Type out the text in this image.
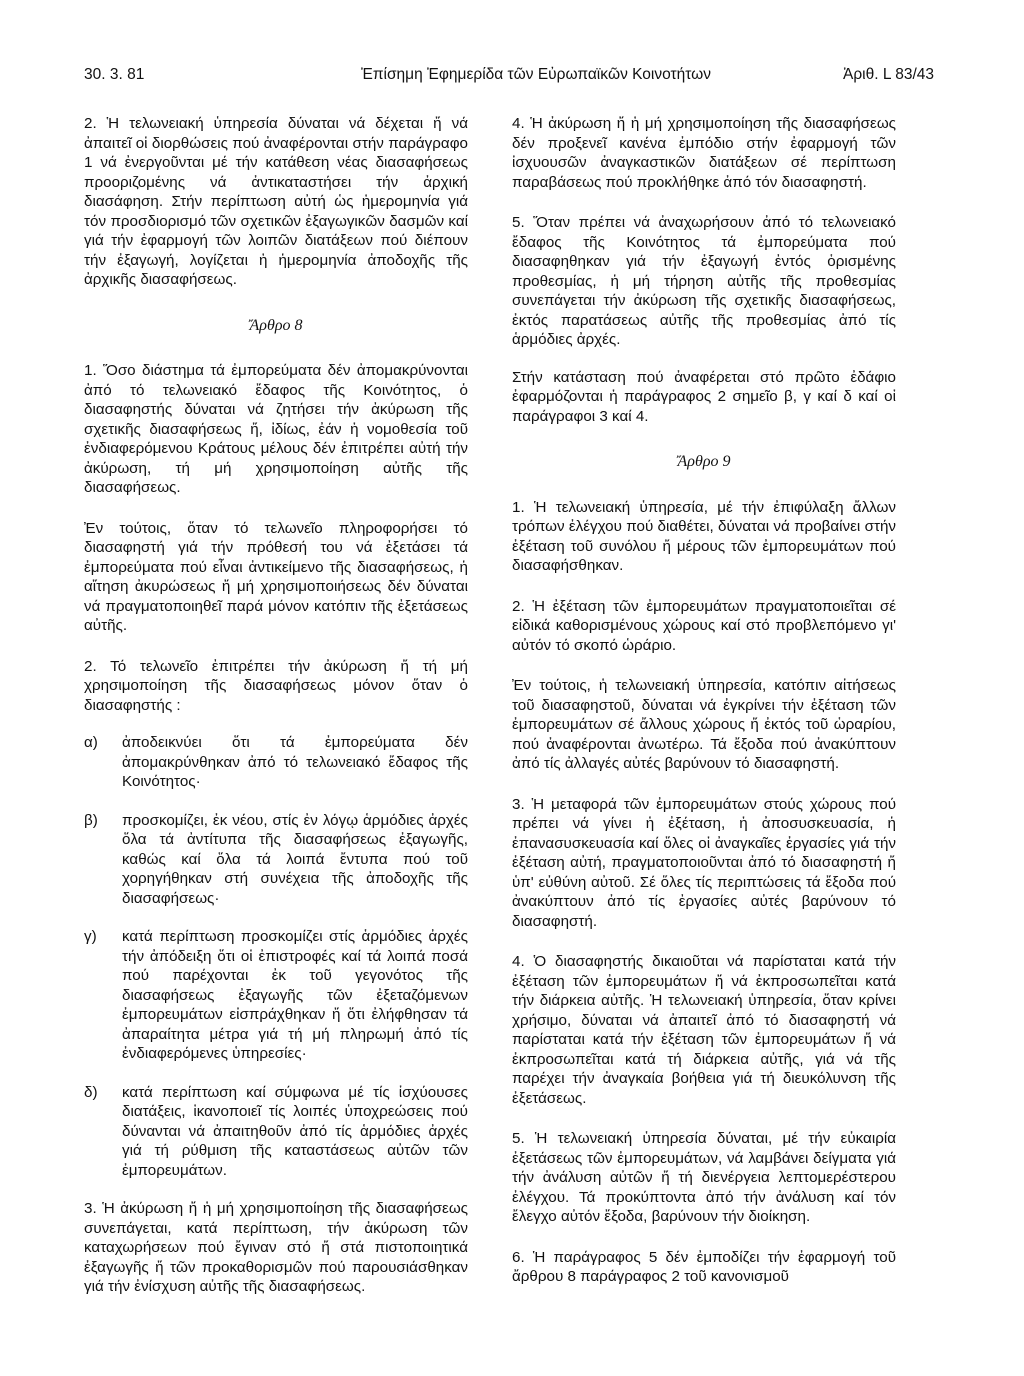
30. 3. 81	Ἐπίσημη Ἐφημερίδα τῶν Εὐρωπαϊκῶν Κοινοτήτων	Ἀριθ. L 83/43

2. Ἡ τελωνειακή ὑπηρεσία δύναται νά δέχεται ἤ νά ἀπαιτεῖ οἱ διορθώσεις πού ἀναφέρονται στήν παράγραφο 1 νά ἐνεργοῦνται μέ τήν κατάθεση νέας διασαφήσεως προοριζομένης νά ἀντικαταστήσει τήν ἀρχική διασάφηση. Στήν περίπτωση αὐτή ὡς ἡμερομηνία γιά τόν προσδιορισμό τῶν σχετικῶν ἐξαγωγικῶν δασμῶν καί γιά τήν ἐφαρμογή τῶν λοιπῶν διατάξεων πού διέπουν τήν ἐξαγωγή, λογίζεται ἡ ἡμερομηνία ἀποδοχῆς τῆς ἀρχικῆς διασαφήσεως.

Ἄρθρο 8

1. Ὅσο διάστημα τά ἐμπορεύματα δέν ἀπομακρύνονται ἀπό τό τελωνειακό ἔδαφος τῆς Κοινότητος, ὁ διασαφηστής δύναται νά ζητήσει τήν ἀκύρωση τῆς σχετικῆς διασαφήσεως ἤ, ἰδίως, ἐάν ἡ νομοθεσία τοῦ ἐνδιαφερόμενου Κράτους μέλους δέν ἐπιτρέπει αὐτή τήν ἀκύρωση, τή μή χρησιμοποίηση αὐτῆς τῆς διασαφήσεως.

Ἐν τούτοις, ὅταν τό τελωνεῖο πληροφορήσει τό διασαφηστή γιά τήν πρόθεσή του νά ἐξετάσει τά ἐμπορεύματα πού εἶναι ἀντικείμενο τῆς διασαφήσεως, ἡ αἴτηση ἀκυρώσεως ἤ μή χρησιμοποιήσεως δέν δύναται νά πραγματοποιηθεῖ παρά μόνον κατόπιν τῆς ἐξετάσεως αὐτῆς.

2. Τό τελωνεῖο ἐπιτρέπει τήν ἀκύρωση ἤ τή μή χρησιμοποίηση τῆς διασαφήσεως μόνον ὅταν ὁ διασαφηστής :

α)	ἀποδεικνύει ὅτι τά ἐμπορεύματα δέν ἀπομακρύνθηκαν ἀπό τό τελωνειακό ἔδαφος τῆς Κοινότητος·
β)	προσκομίζει, ἐκ νέου, στίς ἐν λόγῳ ἁρμόδιες ἀρχές ὅλα τά ἀντίτυπα τῆς διασαφήσεως ἐξαγωγῆς, καθώς καί ὅλα τά λοιπά ἔντυπα πού τοῦ χορηγήθηκαν στή συνέχεια τῆς ἀποδοχῆς τῆς διασαφήσεως·
γ)	κατά περίπτωση προσκομίζει στίς ἁρμόδιες ἀρχές τήν ἀπόδειξη ὅτι οἱ ἐπιστροφές καί τά λοιπά ποσά πού παρέχονται ἐκ τοῦ γεγονότος τῆς διασαφήσεως ἐξαγωγῆς τῶν ἐξεταζόμενων ἐμπορευμάτων εἰσπράχθηκαν ἤ ὅτι ἐλήφθησαν τά ἀπαραίτητα μέτρα γιά τή μή πληρωμή ἀπό τίς ἐνδιαφερόμενες ὑπηρεσίες·
δ)	κατά περίπτωση καί σύμφωνα μέ τίς ἰσχύουσες διατάξεις, ἱκανοποιεῖ τίς λοιπές ὑποχρεώσεις πού δύνανται νά ἀπαιτηθοῦν ἀπό τίς ἁρμόδιες ἀρχές γιά τή ρύθμιση τῆς καταστάσεως αὐτῶν τῶν ἐμπορευμάτων.

3. Ἡ ἀκύρωση ἤ ἡ μή χρησιμοποίηση τῆς διασαφήσεως συνεπάγεται, κατά περίπτωση, τήν ἀκύρωση τῶν καταχωρήσεων πού ἔγιναν στό ἤ στά πιστοποιητικά ἐξαγωγῆς ἤ τῶν προκαθορισμῶν πού παρουσιάσθηκαν γιά τήν ἐνίσχυση αὐτῆς τῆς διασαφήσεως.

4. Ἡ ἀκύρωση ἤ ἡ μή χρησιμοποίηση τῆς διασαφήσεως δέν προξενεῖ κανένα ἐμπόδιο στήν ἐφαρμογή τῶν ἰσχυουσῶν ἀναγκαστικῶν διατάξεων σέ περίπτωση παραβάσεως πού προκλήθηκε ἀπό τόν διασαφηστή.

5. Ὅταν πρέπει νά ἀναχωρήσουν ἀπό τό τελωνειακό ἔδαφος τῆς Κοινότητος τά ἐμπορεύματα πού διασαφηθηκαν γιά τήν ἐξαγωγή ἐντός ὁρισμένης προθεσμίας, ἡ μή τήρηση αὐτῆς τῆς προθεσμίας συνεπάγεται τήν ἀκύρωση τῆς σχετικῆς διασαφήσεως, ἐκτός παρατάσεως αὐτῆς τῆς προθεσμίας ἀπό τίς ἁρμόδιες ἀρχές.

Στήν κατάσταση πού ἀναφέρεται στό πρῶτο ἐδάφιο ἐφαρμόζονται ἡ παράγραφος 2 σημεῖο β, γ καί δ καί οἱ παράγραφοι 3 καί 4.

Ἄρθρο 9

1. Ἡ τελωνειακή ὑπηρεσία, μέ τήν ἐπιφύλαξη ἄλλων τρόπων ἐλέγχου πού διαθέτει, δύναται νά προβαίνει στήν ἐξέταση τοῦ συνόλου ἤ μέρους τῶν ἐμπορευμάτων πού διασαφήσθηκαν.

2. Ἡ ἐξέταση τῶν ἐμπορευμάτων πραγματοποιεῖται σέ εἰδικά καθορισμένους χώρους καί στό προβλεπόμενο γι' αὐτόν τό σκοπό ὡράριο.

Ἐν τούτοις, ἡ τελωνειακή ὑπηρεσία, κατόπιν αἰτήσεως τοῦ διασαφηστοῦ, δύναται νά ἐγκρίνει τήν ἐξέταση τῶν ἐμπορευμάτων σέ ἄλλους χώρους ἤ ἐκτός τοῦ ὡραρίου, πού ἀναφέρονται ἀνωτέρω. Τά ἔξοδα πού ἀνακύπτουν ἀπό τίς ἀλλαγές αὐτές βαρύνουν τό διασαφηστή.

3. Ἡ μεταφορά τῶν ἐμπορευμάτων στούς χώρους πού πρέπει νά γίνει ἡ ἐξέταση, ἡ ἀποσυσκευασία, ἡ ἐπανασυσκευασία καί ὅλες οἱ ἀναγκαῖες ἐργασίες γιά τήν ἐξέταση αὐτή, πραγματοποιοῦνται ἀπό τό διασαφηστή ἤ ὑπ' εὐθύνη αὐτοῦ. Σέ ὅλες τίς περιπτώσεις τά ἔξοδα πού ἀνακύπτουν ἀπό τίς ἐργασίες αὐτές βαρύνουν τό διασαφηστή.

4. Ὁ διασαφηστής δικαιοῦται νά παρίσταται κατά τήν ἐξέταση τῶν ἐμπορευμάτων ἤ νά ἐκπροσωπεῖται κατά τήν διάρκεια αὐτῆς. Ἡ τελωνειακή ὑπηρεσία, ὅταν κρίνει χρήσιμο, δύναται νά ἀπαιτεῖ ἀπό τό διασαφηστή νά παρίσταται κατά τήν ἐξέταση τῶν ἐμπορευμάτων ἤ νά ἐκπροσωπεῖται κατά τή διάρκεια αὐτῆς, γιά νά τῆς παρέχει τήν ἀναγκαία βοήθεια γιά τή διευκόλυνση τῆς ἐξετάσεως.

5. Ἡ τελωνειακή ὑπηρεσία δύναται, μέ τήν εὐκαιρία ἐξετάσεως τῶν ἐμπορευμάτων, νά λαμβάνει δείγματα γιά τήν ἀνάλυση αὐτῶν ἤ τή διενέργεια λεπτομερέστερου ἐλέγχου. Τά προκύπτοντα ἀπό τήν ἀνάλυση καί τόν ἔλεγχο αὐτόν ἔξοδα, βαρύνουν τήν διοίκηση.

6. Ἡ παράγραφος 5 δέν ἐμποδίζει τήν ἐφαρμογή τοῦ ἄρθρου 8 παράγραφος 2 τοῦ κανονισμοῦ
